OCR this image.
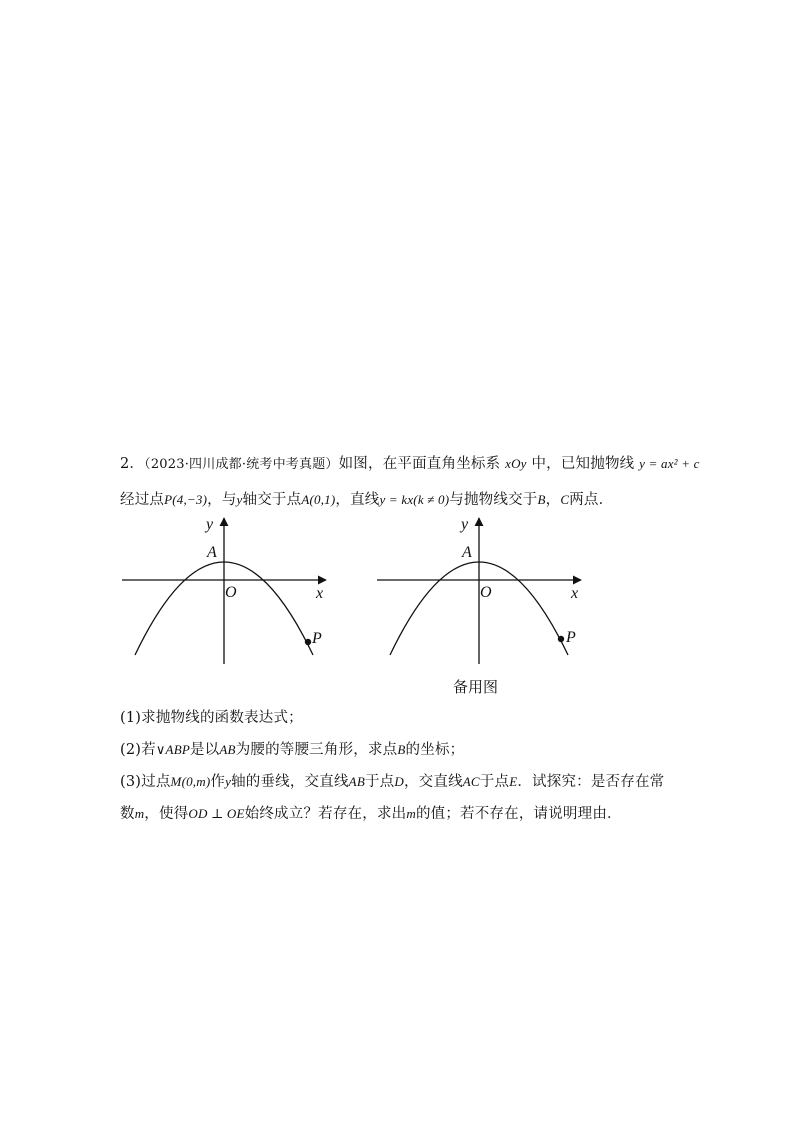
2．（2023·四川成都·统考中考真题）如图，在平面直角坐标系 xOy 中，已知抛物线 y = ax² + c
经过点P(4,−3)，与y轴交于点A(0,1)，直线y = kx(k ≠ 0)与抛物线交于B，C两点．
y
A
O	x
P
y
A
O	x
P
备用图
(1)求抛物线的函数表达式；
(2)若∨ABP是以AB为腰的等腰三角形，求点B的坐标；
(3)过点M(0,m)作y轴的垂线，交直线AB于点D，交直线AC于点E．试探究：是否存在常
数m，使得OD ⊥ OE始终成立？若存在，求出m的值；若不存在，请说明理由．
